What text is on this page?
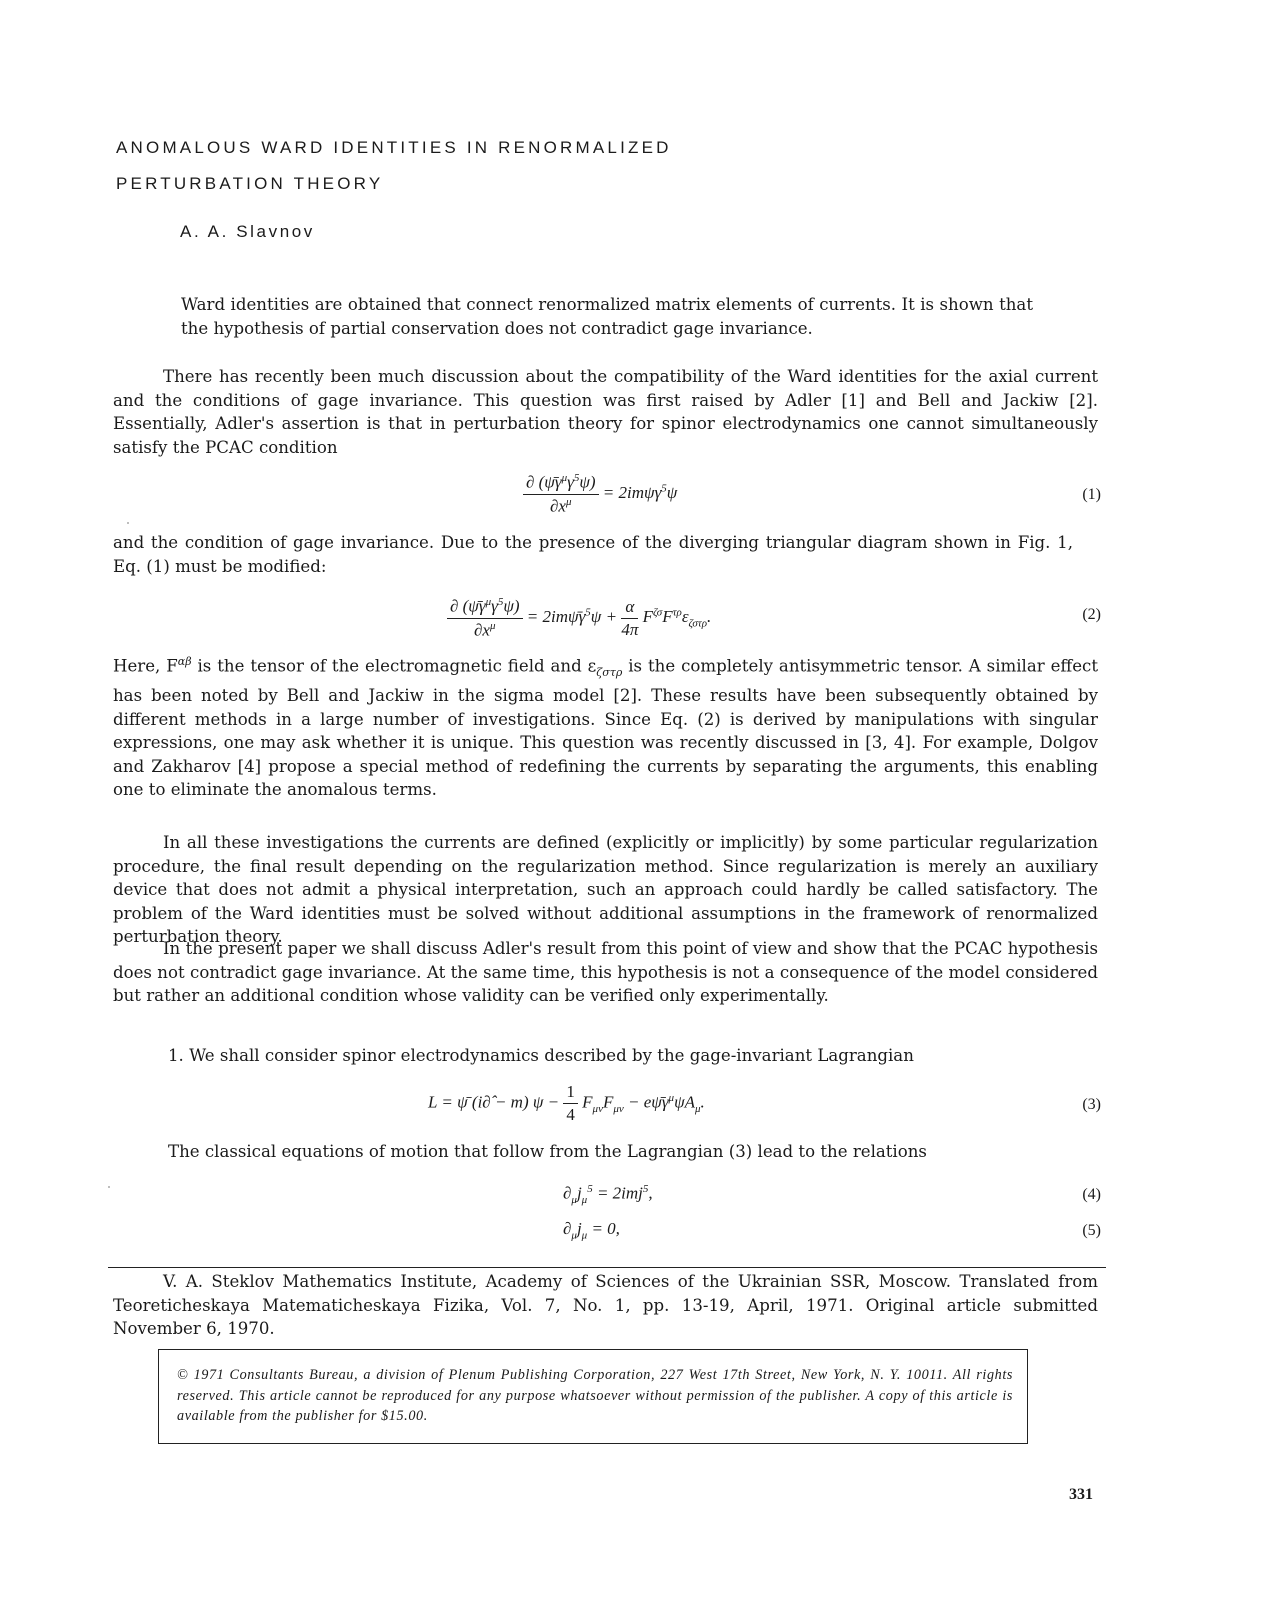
ANOMALOUS WARD IDENTITIES IN RENORMALIZED
PERTURBATION THEORY
A. A. Slavnov

Ward identities are obtained that connect renormalized matrix elements of currents. It is shown that the hypothesis of partial conservation does not contradict gage invariance.

There has recently been much discussion about the compatibility of the Ward identities for the axial current and the conditions of gage invariance. This question was first raised by Adler [1] and Bell and Jackiw [2]. Essentially, Adler's assertion is that in perturbation theory for spinor electrodynamics one cannot simultaneously satisfy the PCAC condition

$\frac{\partial (\psī\gamma^\mu\gamma^5\psi)}{\partial x^\mu} = 2im\psi\gamma^5\psi$	(1)

and the condition of gage invariance. Due to the presence of the diverging triangular diagram shown in Fig. 1, Eq. (1) must be modified:

$\frac{\partial (\psī\gamma^\mu\gamma^5\psi)}{\partial x^\mu}$ = $2im\psī\gamma^5\psi + \frac{\alpha}{4\pi} F^{\zeta\sigma}F^{\tau\rho}\varepsilon_{\zeta\sigma\tau\rho}$.	(2)

Here, $F^{\alpha\beta}$ is the tensor of the electromagnetic field and $\varepsilon_{\zeta\sigma\tau\rho}$ is the completely antisymmetric tensor. A similar effect has been noted by Bell and Jackiw in the sigma model [2]. These results have been subsequently obtained by different methods in a large number of investigations. Since Eq. (2) is derived by manipulations with singular expressions, one may ask whether it is unique. This question was recently discussed in [3, 4]. For example, Dolgov and Zakharov [4] propose a special method of redefining the currents by separating the arguments, this enabling one to eliminate the anomalous terms.

In all these investigations the currents are defined (explicitly or implicitly) by some particular regularization procedure, the final result depending on the regularization method. Since regularization is merely an auxiliary device that does not admit a physical interpretation, such an approach could hardly be called satisfactory. The problem of the Ward identities must be solved without additional assumptions in the framework of renormalized perturbation theory.

In the present paper we shall discuss Adler's result from this point of view and show that the PCAC hypothesis does not contradict gage invariance. At the same time, this hypothesis is not a consequence of the model considered but rather an additional condition whose validity can be verified only experimentally.

1. We shall consider spinor electrodynamics described by the gage-invariant Lagrangian

L = ψ̄ (i∂̂ − m) $\psi - \frac{1}{4} F_{\mu\nu}F_{\mu\nu}$ − $e\psī\gamma^\mu\psi A_\mu$.	(3)

The classical equations of motion that follow from the Lagrangian (3) lead to the relations

$\partial_\mu j_\mu^5 = 2imj^5$,	(4)
$\partial_\mu j_\mu = 0$,	(5)

V. A. Steklov Mathematics Institute, Academy of Sciences of the Ukrainian SSR, Moscow. Translated from Teoreticheskaya Matematicheskaya Fizika, Vol. 7, No. 1, pp. 13-19, April, 1971. Original article submitted November 6, 1970.

© 1971 Consultants Bureau, a division of Plenum Publishing Corporation, 227 West 17th Street, New York, N. Y. 10011. All rights reserved. This article cannot be reproduced for any purpose whatsoever without permission of the publisher. A copy of this article is available from the publisher for $15.00.

331
